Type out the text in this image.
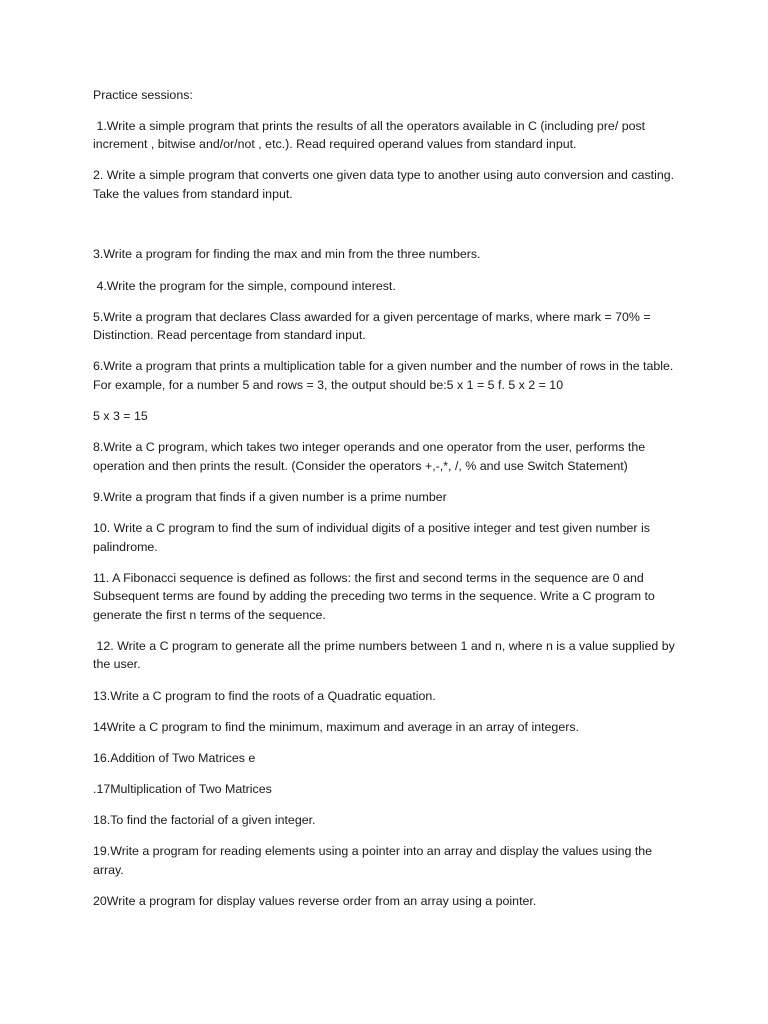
Practice sessions:

1.Write a simple program that prints the results of all the operators available in C (including pre/ post increment , bitwise and/or/not , etc.). Read required operand values from standard input.

2. Write a simple program that converts one given data type to another using auto conversion and casting. Take the values from standard input.

3.Write a program for finding the max and min from the three numbers.

4.Write the program for the simple, compound interest.

5.Write a program that declares Class awarded for a given percentage of marks, where mark = 70% = Distinction. Read percentage from standard input.

6.Write a program that prints a multiplication table for a given number and the number of rows in the table. For example, for a number 5 and rows = 3, the output should be:5 x 1 = 5 f. 5 x 2 = 10

5 x 3 = 15

8.Write a C program, which takes two integer operands and one operator from the user, performs the operation and then prints the result. (Consider the operators +,-,*, /, % and use Switch Statement)

9.Write a program that finds if a given number is a prime number

10. Write a C program to find the sum of individual digits of a positive integer and test given number is palindrome.

11. A Fibonacci sequence is defined as follows: the first and second terms in the sequence are 0 and Subsequent terms are found by adding the preceding two terms in the sequence. Write a C program to generate the first n terms of the sequence.

12. Write a C program to generate all the prime numbers between 1 and n, where n is a value supplied by the user.

13.Write a C program to find the roots of a Quadratic equation.

14Write a C program to find the minimum, maximum and average in an array of integers.

16.Addition of Two Matrices e

.17Multiplication of Two Matrices

18.To find the factorial of a given integer.

19.Write a program for reading elements using a pointer into an array and display the values using the array.

20Write a program for display values reverse order from an array using a pointer.
